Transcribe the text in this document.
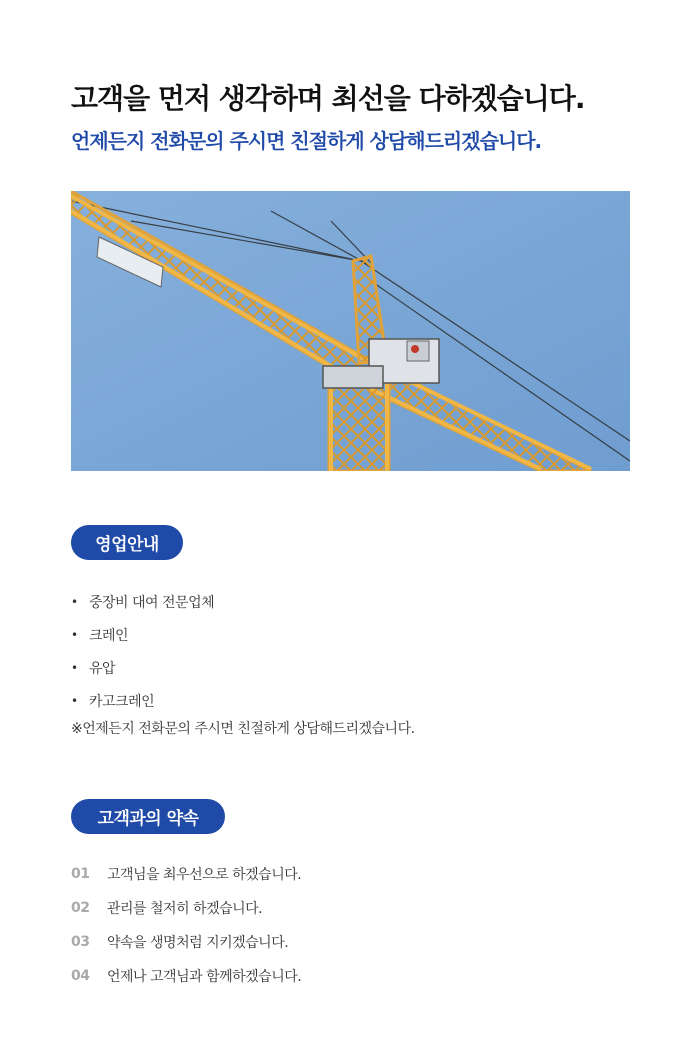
고객을 먼저 생각하며 최선을 다하겠습니다.
언제든지 전화문의 주시면 친절하게 상담해드리겠습니다.
영업안내
• 중장비 대여 전문업체
• 크레인
• 유압
• 카고크레인
※언제든지 전화문의 주시면 친절하게 상담해드리겠습니다.
고객과의 약속
01	고객님을 최우선으로 하겠습니다.
02	관리를 철저히 하겠습니다.
03	약속을 생명처럼 지키겠습니다.
04	언제나 고객님과 함께하겠습니다.
